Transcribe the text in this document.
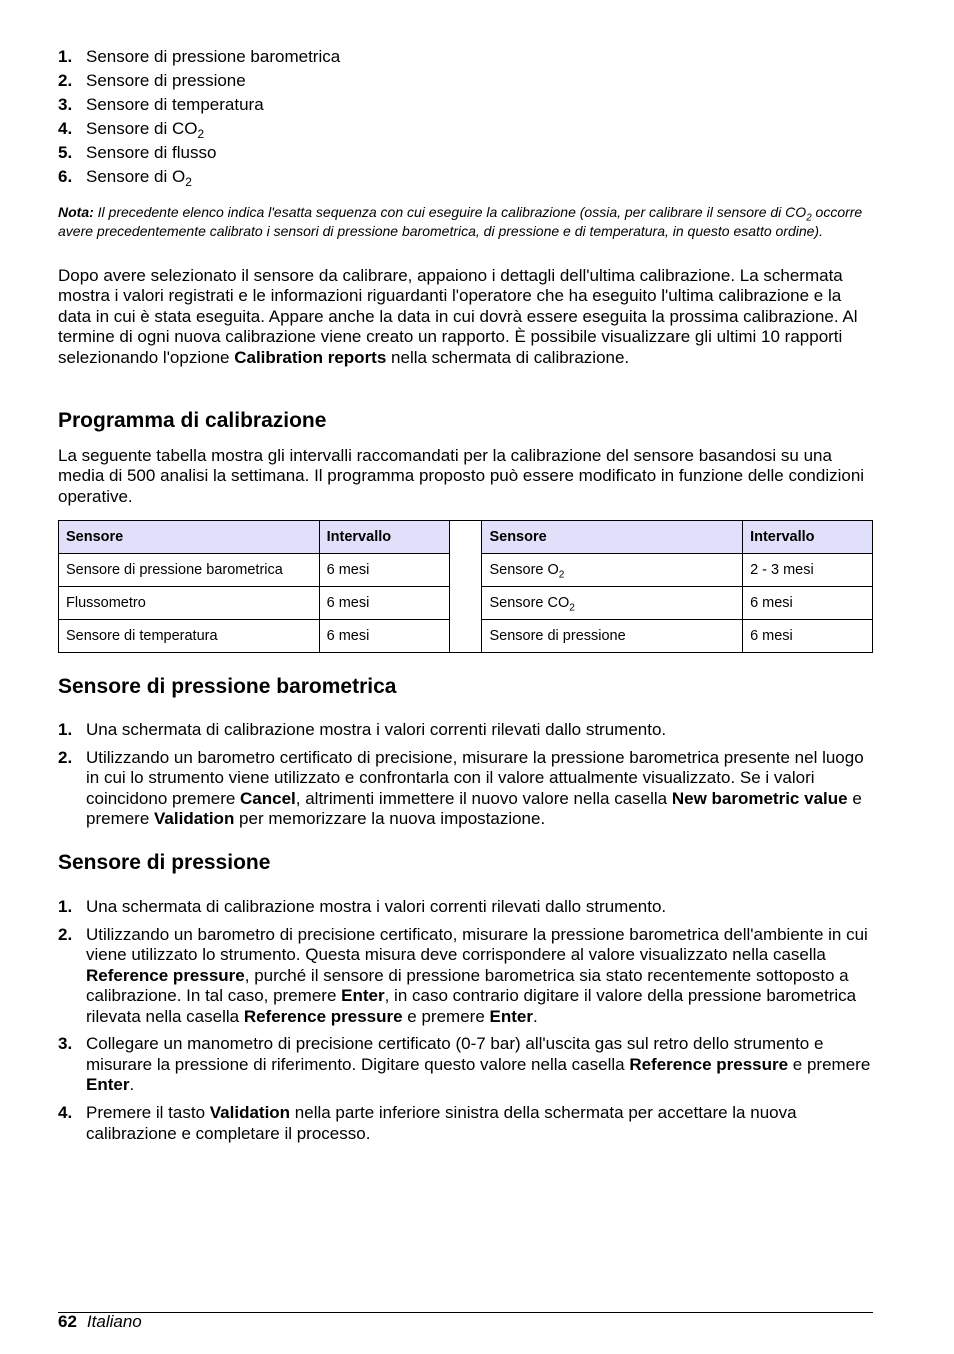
1. Sensore di pressione barometrica
2. Sensore di pressione
3. Sensore di temperatura
4. Sensore di $CO_2$
5. Sensore di flusso
6. Sensore di $O_2$
Nota: Il precedente elenco indica l'esatta sequenza con cui eseguire la calibrazione (ossia, per calibrare il sensore di $CO_2$ occorre avere precedentemente calibrato i sensori di pressione barometrica, di pressione e di temperatura, in questo esatto ordine).
Dopo avere selezionato il sensore da calibrare, appaiono i dettagli dell'ultima calibrazione. La schermata mostra i valori registrati e le informazioni riguardanti l'operatore che ha eseguito l'ultima calibrazione e la data in cui è stata eseguita. Appare anche la data in cui dovrà essere eseguita la prossima calibrazione. Al termine di ogni nuova calibrazione viene creato un rapporto. È possibile visualizzare gli ultimi 10 rapporti selezionando l'opzione Calibration reports nella schermata di calibrazione.
Programma di calibrazione
La seguente tabella mostra gli intervalli raccomandati per la calibrazione del sensore basandosi su una media di 500 analisi la settimana. Il programma proposto può essere modificato in funzione delle condizioni operative.
Sensore	Intervallo		Sensore	Intervallo
Sensore di pressione barometrica	6 mesi		Sensore $O_2$	2 - 3 mesi
Flussometro	6 mesi		Sensore $CO_2$	6 mesi
Sensore di temperatura	6 mesi		Sensore di pressione	6 mesi
Sensore di pressione barometrica
1. Una schermata di calibrazione mostra i valori correnti rilevati dallo strumento.
2. Utilizzando un barometro certificato di precisione, misurare la pressione barometrica presente nel luogo in cui lo strumento viene utilizzato e confrontarla con il valore attualmente visualizzato. Se i valori coincidono premere Cancel, altrimenti immettere il nuovo valore nella casella New barometric value e premere Validation per memorizzare la nuova impostazione.
Sensore di pressione
1. Una schermata di calibrazione mostra i valori correnti rilevati dallo strumento.
2. Utilizzando un barometro di precisione certificato, misurare la pressione barometrica dell'ambiente in cui viene utilizzato lo strumento. Questa misura deve corrispondere al valore visualizzato nella casella Reference pressure, purché il sensore di pressione barometrica sia stato recentemente sottoposto a calibrazione. In tal caso, premere Enter, in caso contrario digitare il valore della pressione barometrica rilevata nella casella Reference pressure e premere Enter.
3. Collegare un manometro di precisione certificato (0-7 bar) all'uscita gas sul retro dello strumento e misurare la pressione di riferimento. Digitare questo valore nella casella Reference pressure e premere Enter.
4. Premere il tasto Validation nella parte inferiore sinistra della schermata per accettare la nuova calibrazione e completare il processo.
62 Italiano
